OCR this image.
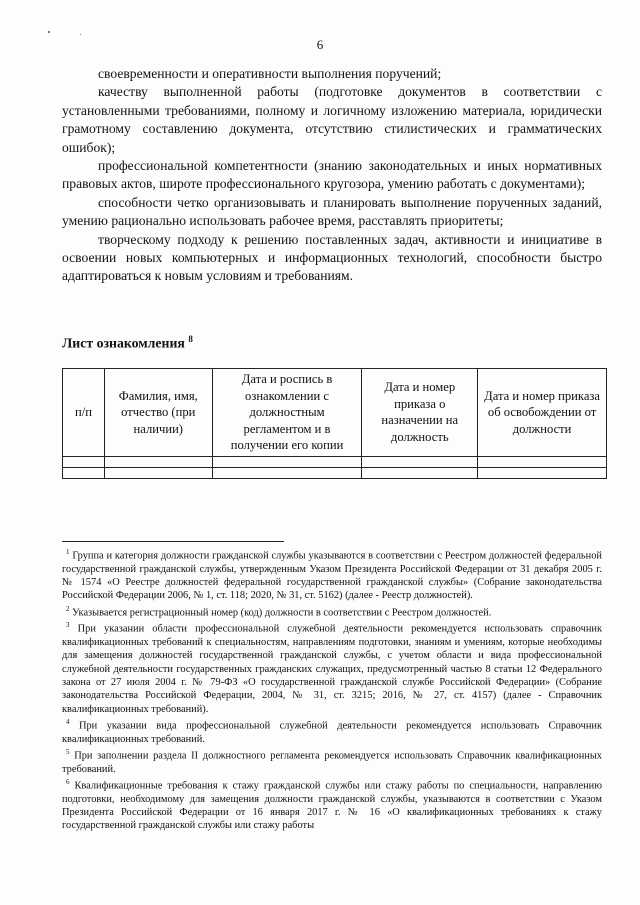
6

своевременности и оперативности выполнения поручений;

качеству выполненной работы (подготовке документов в соответствии с установленными требованиями, полному и логичному изложению материала, юридически грамотному составлению документа, отсутствию стилистических и грамматических ошибок);

профессиональной компетентности (знанию законодательных и иных нормативных правовых актов, широте профессионального кругозора, умению работать с документами);

способности четко организовывать и планировать выполнение порученных заданий, умению рационально использовать рабочее время, расставлять приоритеты;

творческому подходу к решению поставленных задач, активности и инициативе в освоении новых компьютерных и информационных технологий, способности быстро адаптироваться к новым условиям и требованиям.

Лист ознакомления $^8$
п/п	Фамилия, имя, отчество (при наличии)	Дата и роспись в ознакомлении с должностным регламентом и в получении его копии	Дата и номер приказа о назначении на должность	Дата и номер приказа об освобождении от должности

$^1$ Группа и категория должности гражданской службы указываются в соответствии с Реестром должностей федеральной государственной гражданской службы, утвержденным Указом Президента Российской Федерации от 31 декабря 2005 г. № 1574 «О Реестре должностей федеральной государственной гражданской службы» (Собрание законодательства Российской Федерации 2006, № 1, ст. 118; 2020, № 31, ст. 5162) (далее - Реестр должностей).

$^2$ Указывается регистрационный номер (код) должности в соответствии с Реестром должностей.

$^3$ При указании области профессиональной служебной деятельности рекомендуется использовать справочник квалификационных требований к специальностям, направлениям подготовки, знаниям и умениям, которые необходимы для замещения должностей государственной гражданской службы, с учетом области и вида профессиональной служебной деятельности государственных гражданских служащих, предусмотренный частью 8 статьи 12 Федерального закона от 27 июля 2004 г. № 79-ФЗ «О государственной гражданской службе Российской Федерации» (Собрание законодательства Российской Федерации, 2004, № 31, ст. 3215; 2016, № 27, ст. 4157) (далее - Справочник квалификационных требований).

$^4$ При указании вида профессиональной служебной деятельности рекомендуется использовать Справочник квалификационных требований.

$^5$ При заполнении раздела II должностного регламента рекомендуется использовать Справочник квалификационных требований.

$^6$ Квалификационные требования к стажу гражданской службы или стажу работы по специальности, направлению подготовки, необходимому для замещения должности гражданской службы, указываются в соответствии с Указом Президента Российской Федерации от 16 января 2017 г. № 16 «О квалификационных требованиях к стажу государственной гражданской службы или стажу работы
